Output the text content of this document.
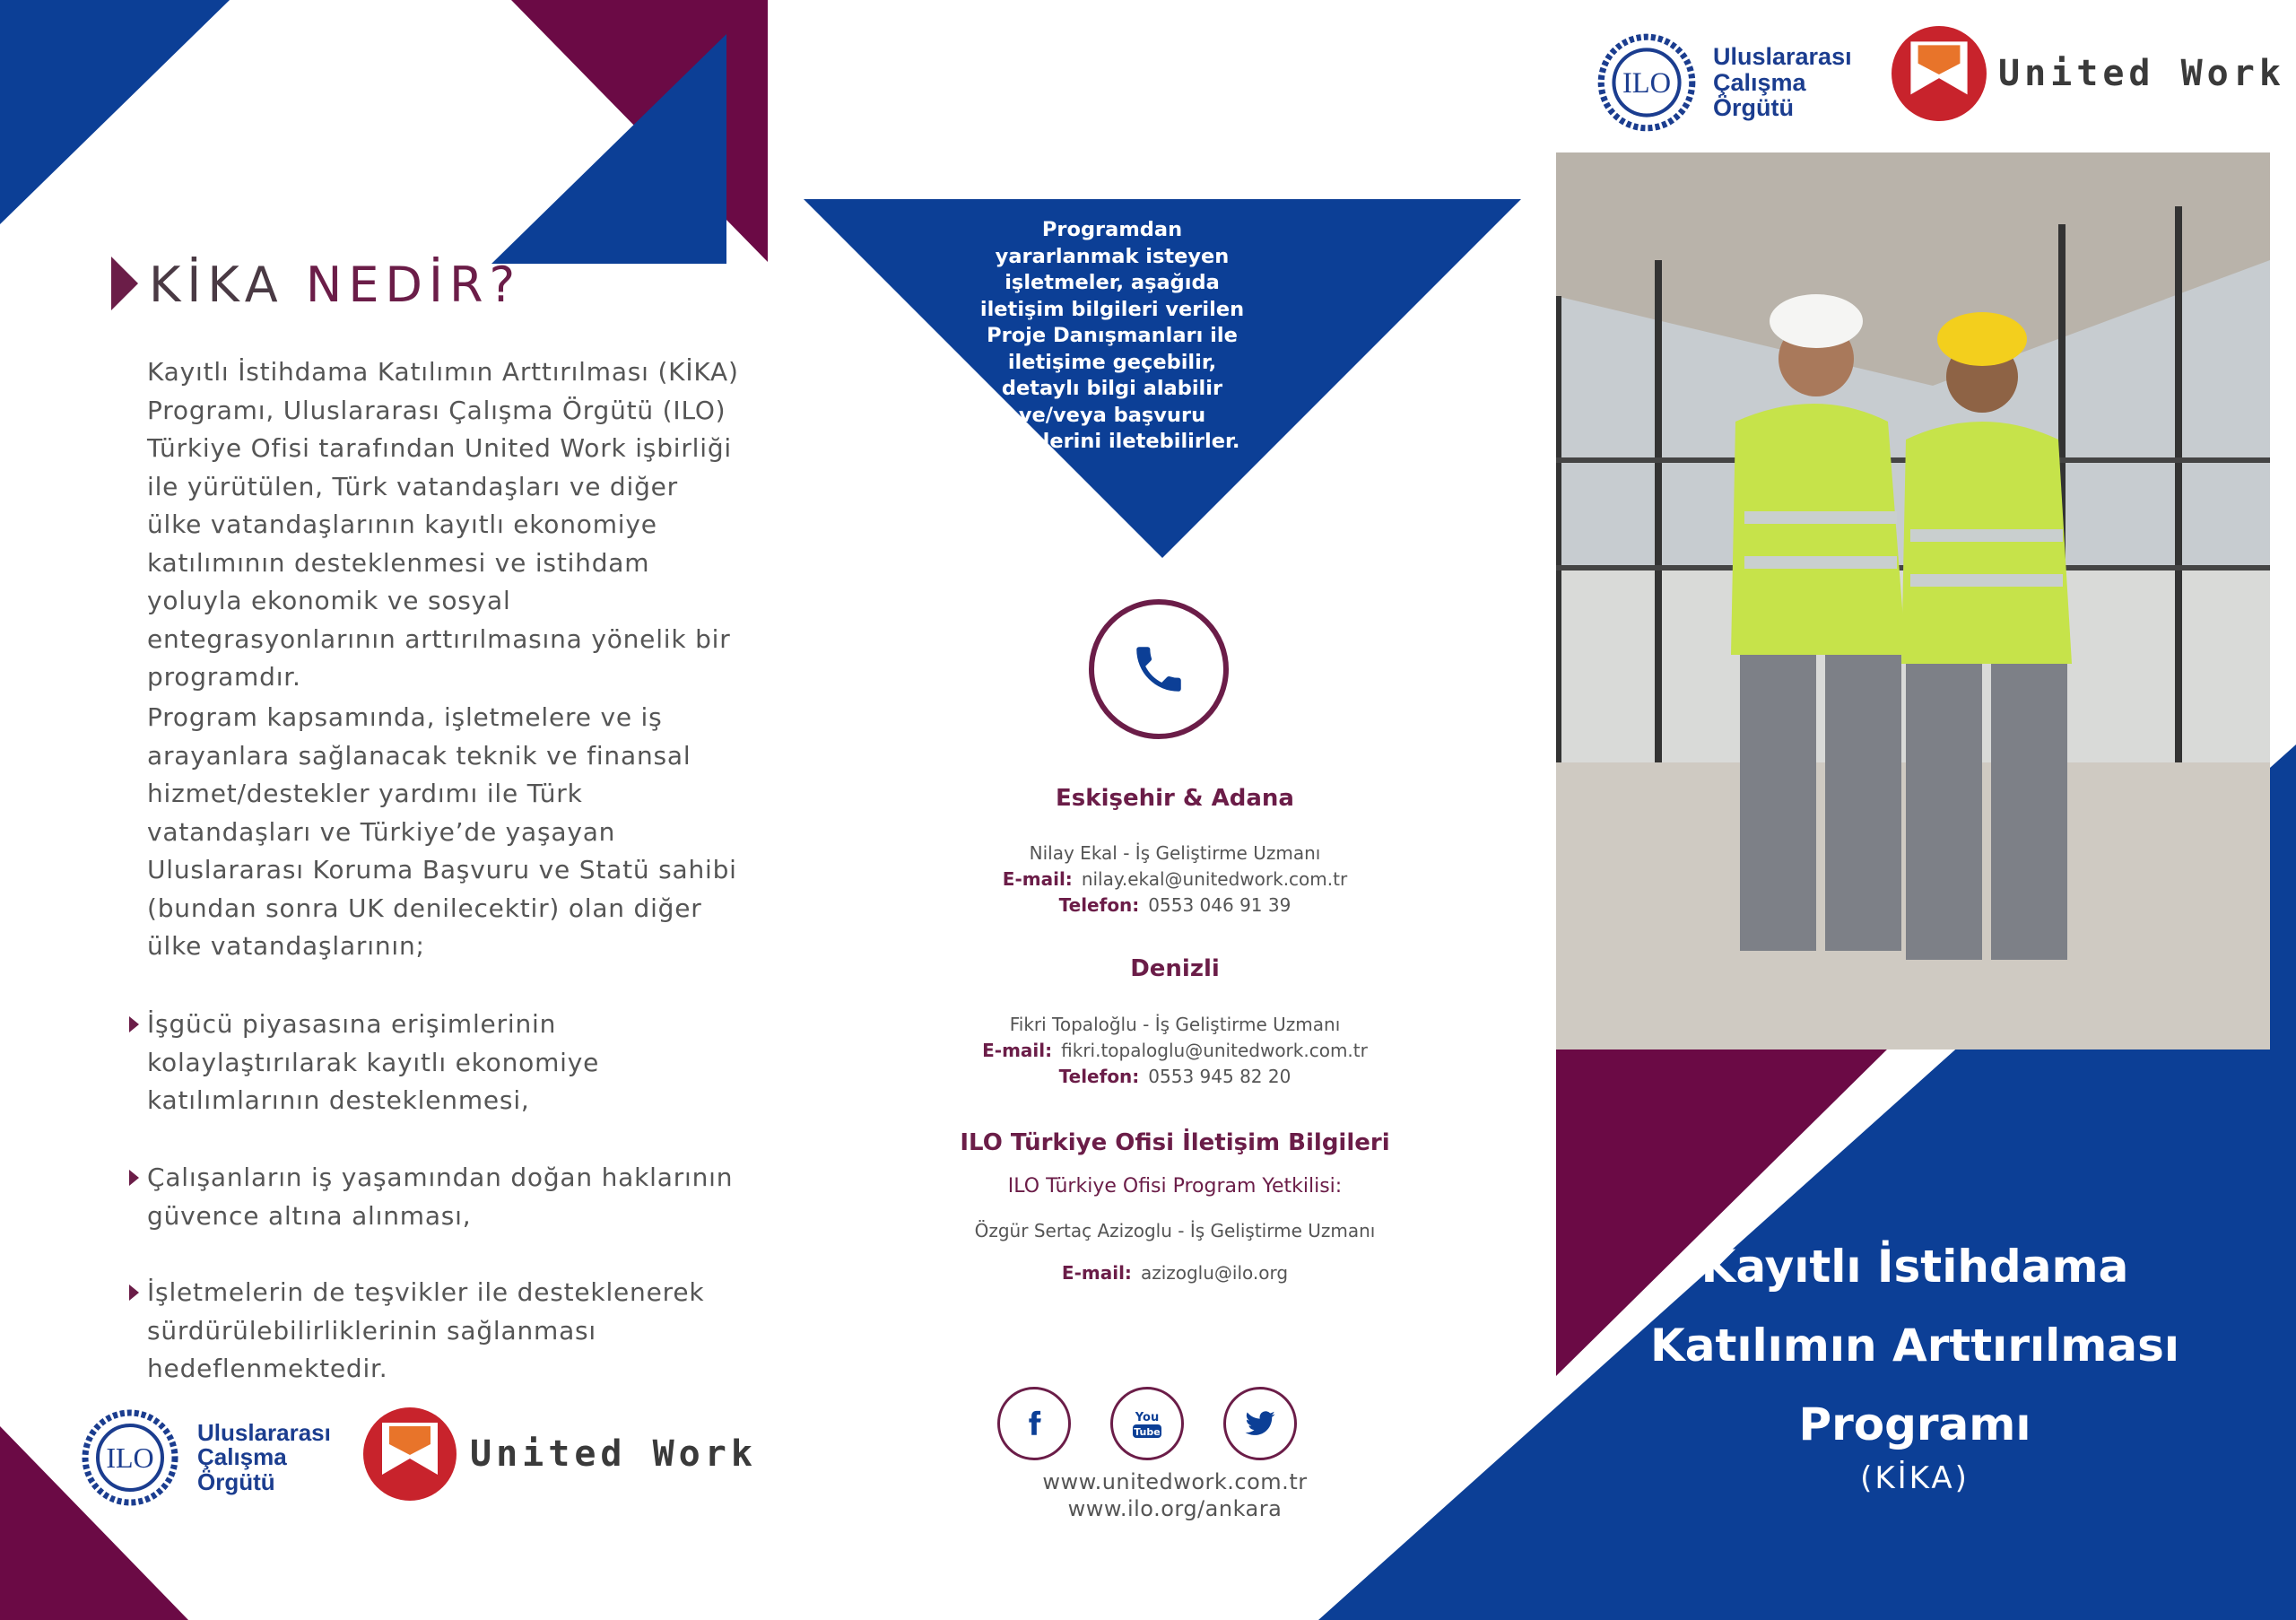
KİKA NEDİR?
Kayıtlı İstihdama Katılımın Arttırılması (KİKA) Programı, Uluslararası Çalışma Örgütü (ILO) Türkiye Ofisi tarafından United Work işbirliği ile yürütülen, Türk vatandaşları ve diğer ülke vatandaşlarının kayıtlı ekonomiye katılımının desteklenmesi ve istihdam yoluyla ekonomik ve sosyal entegrasyonlarının arttırılmasına yönelik bir programdır.
Program kapsamında, işletmelere ve iş arayanlara sağlanacak teknik ve finansal hizmet/destekler yardımı ile Türk vatandaşları ve Türkiye’de yaşayan Uluslararası Koruma Başvuru ve Statü sahibi (bundan sonra UK denilecektir) olan diğer ülke vatandaşlarının;
İşgücü piyasasına erişimlerinin kolaylaştırılarak kayıtlı ekonomiye katılımlarının desteklenmesi,
Çalışanların iş yaşamından doğan haklarının güvence altına alınması,
İşletmelerin de teşvikler ile desteklenerek sürdürülebilirliklerinin sağlanması hedeflenmektedir.
ILO
Uluslararası
Çalışma
Örgütü
United Work
Programdan yararlanmak isteyen işletmeler, aşağıda iletişim bilgileri verilen Proje Danışmanları ile iletişime geçebilir, detaylı bilgi alabilir ve/veya başvuru taleplerini iletebilirler.
Eskişehir & Adana
Nilay Ekal - İş Geliştirme Uzmanı
E-mail: nilay.ekal@unitedwork.com.tr
Telefon: 0553 046 91 39
Denizli
Fikri Topaloğlu - İş Geliştirme Uzmanı
E-mail: fikri.topaloglu@unitedwork.com.tr
Telefon: 0553 945 82 20
ILO Türkiye Ofisi İletişim Bilgileri
ILO Türkiye Ofisi Program Yetkilisi:
Özgür Sertaç Azizoglu - İş Geliştirme Uzmanı
E-mail: azizoglu@ilo.org
You
Tube
www.unitedwork.com.tr
www.ilo.org/ankara
ILO
Uluslararası
Çalışma
Örgütü
United Work
Kayıtlı İstihdama
Katılımın Arttırılması
Programı
(KİKA)
